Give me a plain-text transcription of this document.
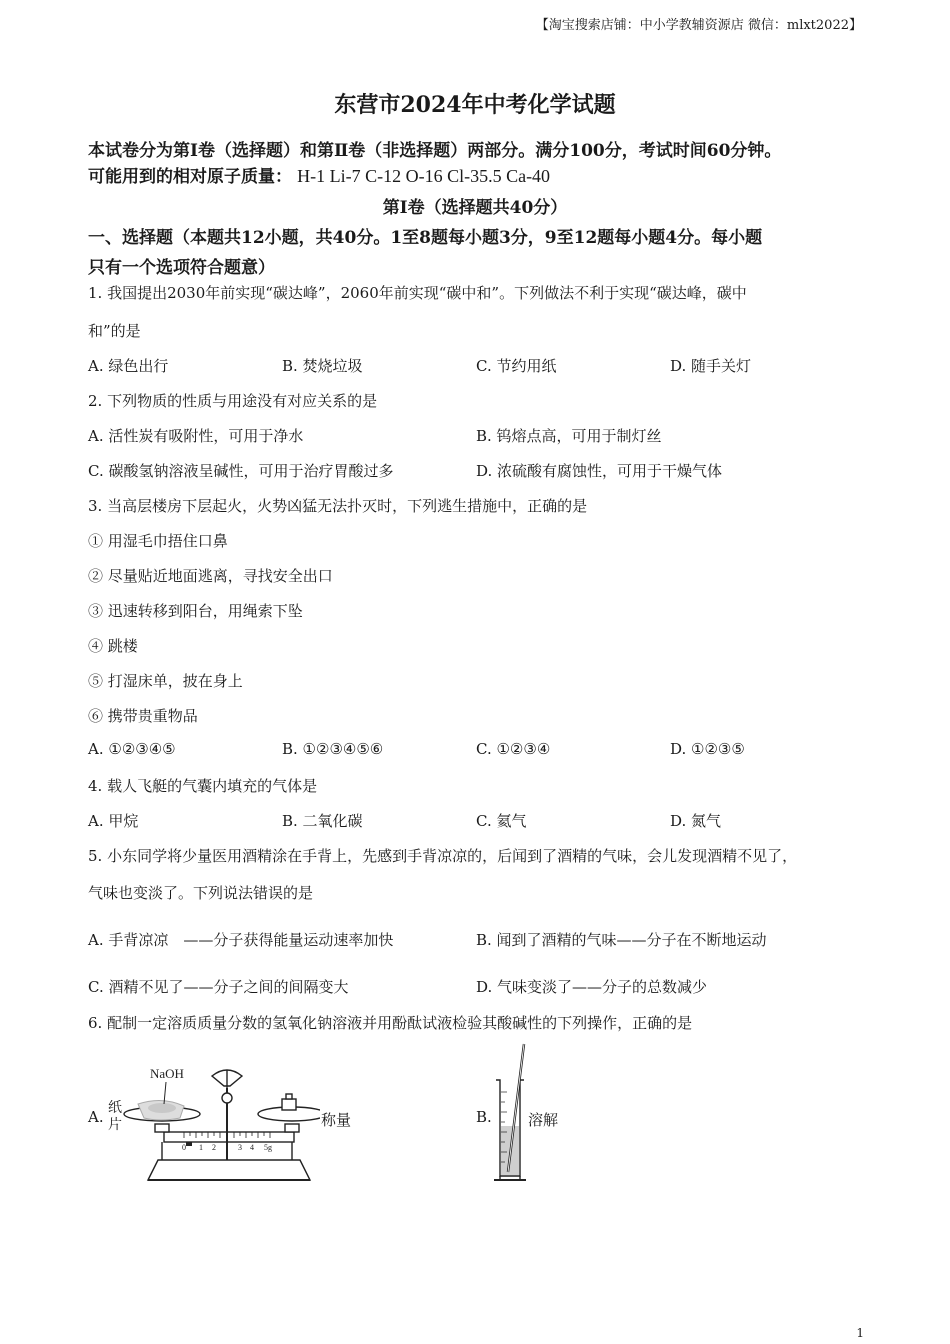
【淘宝搜索店铺：中小学教辅资源店 微信：mlxt2022】
东营市2024年中考化学试题
本试卷分为第Ⅰ卷（选择题）和第Ⅱ卷（非选择题）两部分。满分100分，考试时间60分钟。
可能用到的相对原子质量： H-1 Li-7 C-12 O-16 Cl-35.5 Ca-40
第Ⅰ卷（选择题共40分）
一、选择题（本题共12小题，共40分。1至8题每小题3分，9至12题每小题4分。每小题
只有一个选项符合题意）
1. 我国提出2030年前实现“碳达峰”，2060年前实现“碳中和”。下列做法不利于实现“碳达峰，碳中
和”的是
A. 绿色出行	B. 焚烧垃圾	C. 节约用纸	D. 随手关灯
2. 下列物质的性质与用途没有对应关系的是
A. 活性炭有吸附性，可用于净水	B. 钨熔点高，可用于制灯丝
C. 碳酸氢钠溶液呈碱性，可用于治疗胃酸过多	D. 浓硫酸有腐蚀性，可用于干燥气体
3. 当高层楼房下层起火，火势凶猛无法扑灭时，下列逃生措施中，正确的是
① 用湿毛巾捂住口鼻
② 尽量贴近地面逃离，寻找安全出口
③ 迅速转移到阳台，用绳索下坠
④ 跳楼
⑤ 打湿床单，披在身上
⑥ 携带贵重物品
A. ①②③④⑤	B. ①②③④⑤⑥	C. ①②③④	D. ①②③⑤
4. 载人飞艇的气囊内填充的气体是
A. 甲烷	B. 二氧化碳	C. 氦气	D. 氮气
5. 小东同学将少量医用酒精涂在手背上，先感到手背凉凉的，后闻到了酒精的气味，会儿发现酒精不见了，
气味也变淡了。下列说法错误的是
A. 手背凉凉　——分子获得能量运动速率加快	B. 闻到了酒精的气味——分子在不断地运动
C. 酒精不见了——分子之间的间隔变大	D. 气味变淡了——分子的总数减少
6. 配制一定溶质质量分数的氢氧化钠溶液并用酚酞试液检验其酸碱性的下列操作，正确的是
A.
NaOH
纸
片
0 1 2	3 4 5g
称量	B. 溶解
1
